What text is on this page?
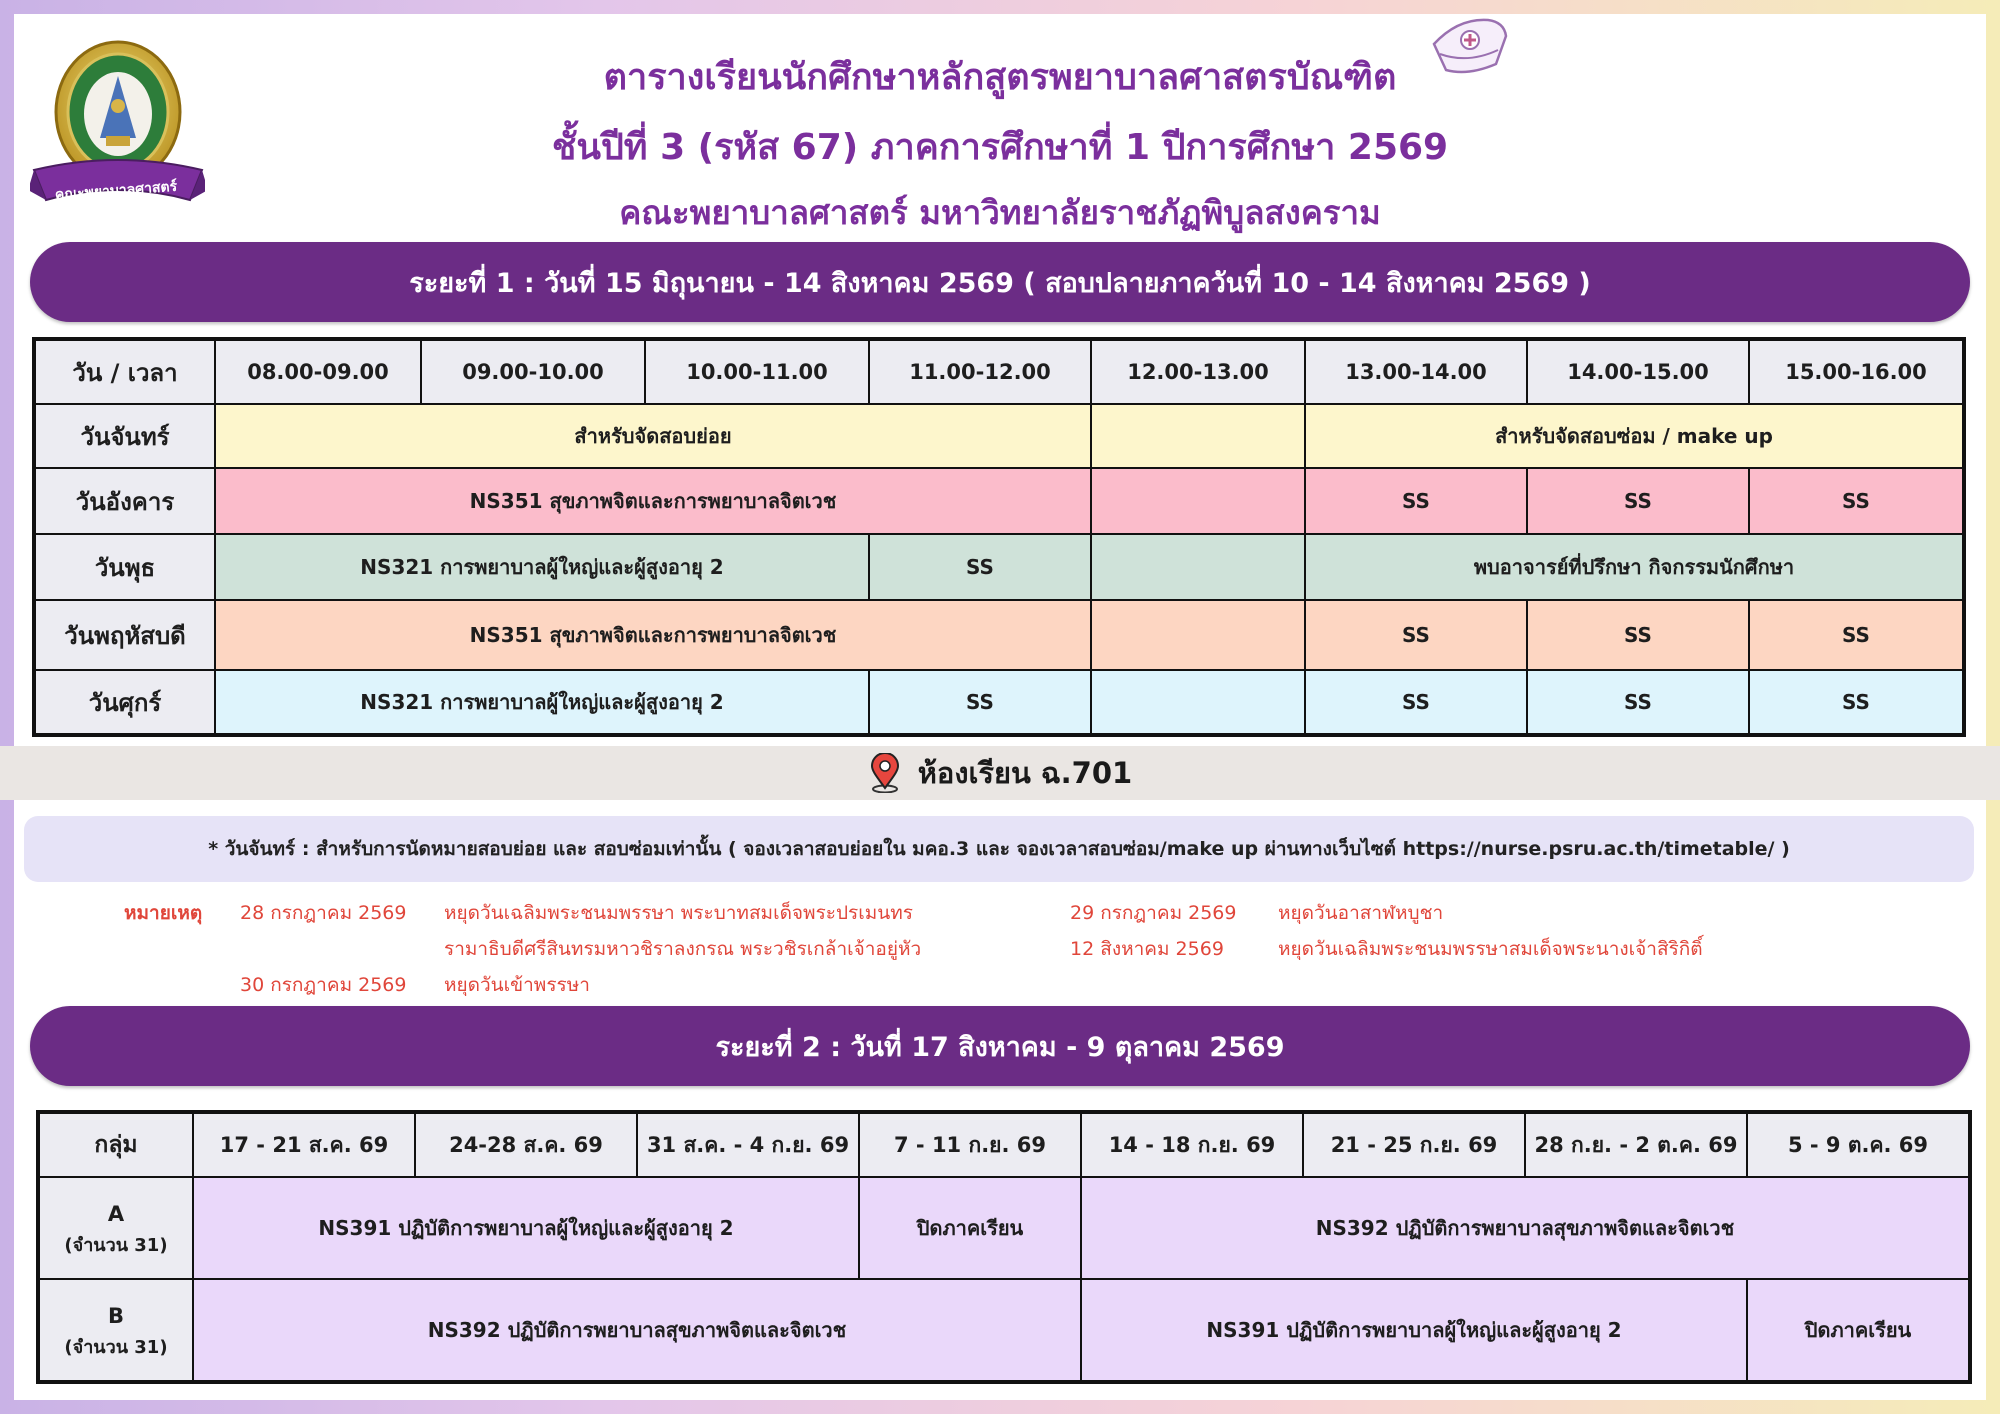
คณะพยาบาลศาสตร์
ตารางเรียนนักศึกษาหลักสูตรพยาบาลศาสตรบัณฑิต
ชั้นปีที่ 3 (รหัส 67) ภาคการศึกษาที่ 1 ปีการศึกษา 2569
คณะพยาบาลศาสตร์ มหาวิทยาลัยราชภัฏพิบูลสงคราม
ระยะที่ 1 : วันที่ 15 มิถุนายน - 14 สิงหาคม 2569 ( สอบปลายภาควันที่ 10 - 14 สิงหาคม 2569 )
วัน / เวลา	08.00-09.00	09.00-10.00	10.00-11.00	11.00-12.00	12.00-13.00	13.00-14.00	14.00-15.00	15.00-16.00
วันจันทร์	สำหรับจัดสอบย่อย					สำหรับจัดสอบซ่อม / make up		
วันอังคาร	NS351 สุขภาพจิตและการพยาบาลจิตเวช					SS	SS	SS
วันพุธ	NS321 การพยาบาลผู้ใหญ่และผู้สูงอายุ 2			SS		พบอาจารย์ที่ปรึกษา กิจกรรมนักศึกษา		
วันพฤหัสบดี	NS351 สุขภาพจิตและการพยาบาลจิตเวช					SS	SS	SS
วันศุกร์	NS321 การพยาบาลผู้ใหญ่และผู้สูงอายุ 2			SS		SS	SS	SS
ห้องเรียน ฉ.701
* วันจันทร์ : สำหรับการนัดหมายสอบย่อย และ สอบซ่อมเท่านั้น ( จองเวลาสอบย่อยใน มคอ.3 และ จองเวลาสอบซ่อม/make up ผ่านทางเว็บไซต์ https://nurse.psru.ac.th/timetable/ )
หมายเหตุ 28 กรกฎาคม 2569 หยุดวันเฉลิมพระชนมพรรษา พระบาทสมเด็จพระปรเมนทร
รามาธิบดีศรีสินทรมหาวชิราลงกรณ พระวชิรเกล้าเจ้าอยู่หัว
30 กรกฎาคม 2569 หยุดวันเข้าพรรษา
29 กรกฎาคม 2569 หยุดวันอาสาฬหบูชา
12 สิงหาคม 2569	หยุดวันเฉลิมพระชนมพรรษาสมเด็จพระนางเจ้าสิริกิติ์
ระยะที่ 2 : วันที่ 17 สิงหาคม - 9 ตุลาคม 2569
กลุ่ม	17 - 21 ส.ค. 69	24-28 ส.ค. 69	31 ส.ค. - 4 ก.ย. 69	7 - 11 ก.ย. 69	14 - 18 ก.ย. 69	21 - 25 ก.ย. 69	28 ก.ย. - 2 ต.ค. 69	5 - 9 ต.ค. 69
A
(จำนวน 31)	NS391 ปฏิบัติการพยาบาลผู้ใหญ่และผู้สูงอายุ 2			ปิดภาคเรียน	NS392 ปฏิบัติการพยาบาลสุขภาพจิตและจิตเวช			
B
(จำนวน 31)	NS392 ปฏิบัติการพยาบาลสุขภาพจิตและจิตเวช				NS391 ปฏิบัติการพยาบาลผู้ใหญ่และผู้สูงอายุ 2			ปิดภาคเรียน
